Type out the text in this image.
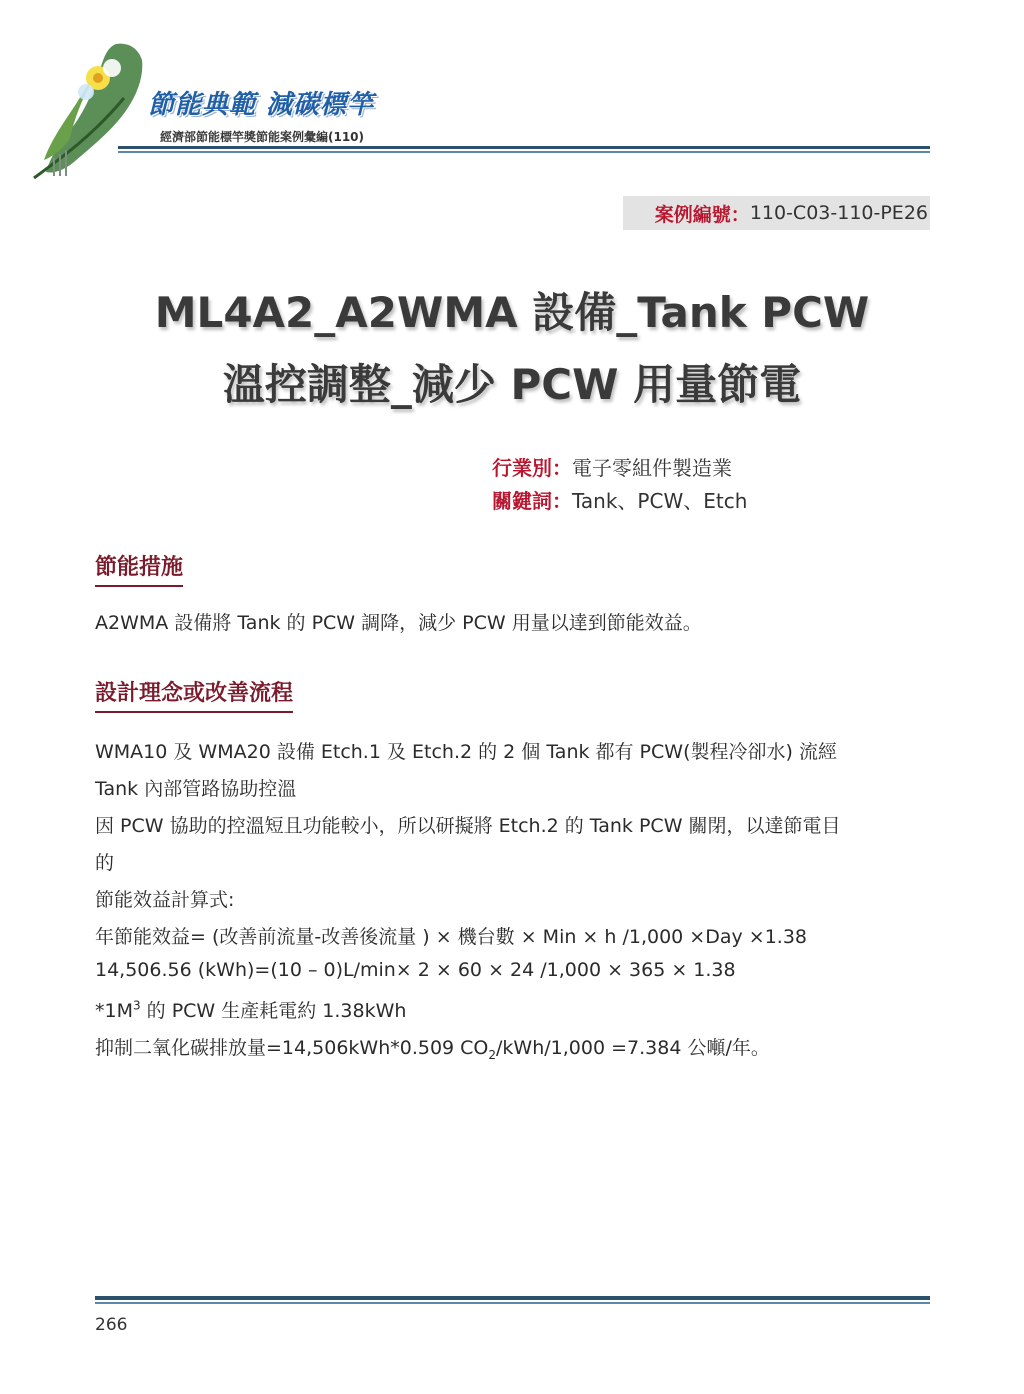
節能典範 減碳標竿
經濟部節能標竿獎節能案例彙編(110)
案例編號： 110-C03-110-PE26
ML4A2_A2WMA 設備_Tank PCW
溫控調整_減少 PCW 用量節電
行業別：電子零組件製造業
關鍵詞：Tank、PCW、Etch
節能措施
A2WMA 設備將 Tank 的 PCW 調降，減少 PCW 用量以達到節能效益。
設計理念或改善流程
WMA10 及 WMA20 設備 Etch.1 及 Etch.2 的 2 個 Tank 都有 PCW(製程冷卻水) 流經
Tank 內部管路協助控溫
因 PCW 協助的控溫短且功能較小，所以研擬將 Etch.2 的 Tank PCW 關閉，以達節電目
的
節能效益計算式:
年節能效益= (改善前流量-改善後流量 ) × 機台數 × Min × h /1,000 ×Day ×1.38
14,506.56 (kWh)=(10 – 0)L/min× 2 × 60 × 24 /1,000 × 365 × 1.38
$*1M^3$ 的 PCW 生產耗電約 1.38kWh
抑制二氧化碳排放量=14,506kWh*0.509 $CO_2/kWh/1,000 =7.384$ 公噸/年。
266
